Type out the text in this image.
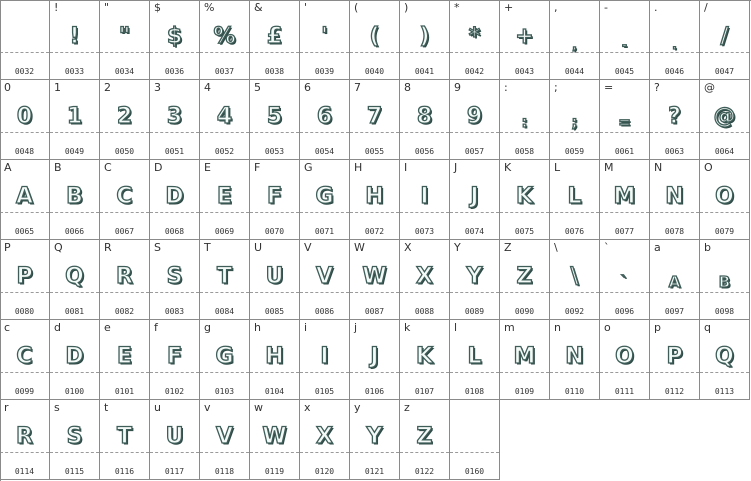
0032
!
!
0033
"
"
0034
$
$
0036
%
%
0037
&
£
0038
'
'
0039
(
(
0040
)
)
0041
*
*
0042
+
+
0043
,
,
0044
-
-
0045
.
.
0046
/
/
0047
0
0
0048
1
1
0049
2
2
0050
3
3
0051
4
4
0052
5
5
0053
6
6
0054
7
7
0055
8
8
0056
9
9
0057
:
:
0058
;
;
0059
=
=
0061
?
?
0063
@
@
0064
A
A
0065
B
B
0066
C
C
0067
D
D
0068
E
E
0069
F
F
0070
G
G
0071
H
H
0072
I
I
0073
J
J
0074
K
K
0075
L
L
0076
M
M
0077
N
N
0078
O
O
0079
P
P
0080
Q
Q
0081
R
R
0082
S
S
0083
T
T
0084
U
U
0085
V
V
0086
W
W
0087
X
X
0088
Y
Y
0089
Z
Z
0090
\
\
0092
`
`
0096
a
A
0097
b
B
0098
c
C
0099
d
D
0100
e
E
0101
f
F
0102
g
G
0103
h
H
0104
i
I
0105
j
J
0106
k
K
0107
l
L
0108
m
M
0109
n
N
0110
o
O
0111
p
P
0112
q
Q
0113
r
R
0114
s
S
0115
t
T
0116
u
U
0117
v
V
0118
w
W
0119
x
X
0120
y
Y
0121
z
Z
0122	0160
